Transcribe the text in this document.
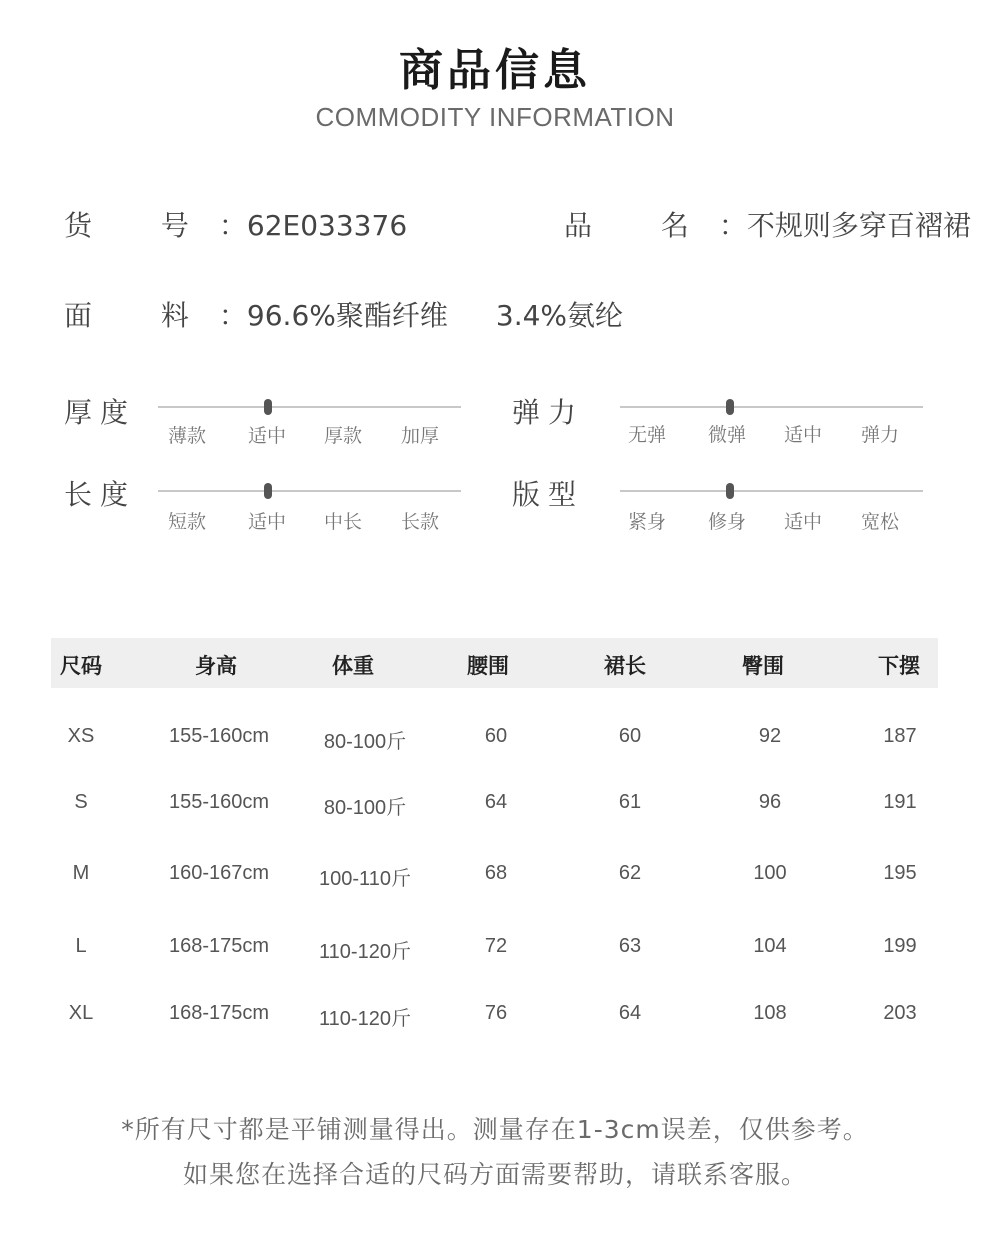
商品信息
COMMODITY INFORMATION
货 号：62E033376	品 名：不规则多穿百褶裙
面 料：96.6%聚酯纤维 3.4%氨纶
厚度
薄款 适中 厚款 加厚
弹力
无弹 微弹 适中 弹力
长度
短款 适中 中长 长款
版型
紧身 修身 适中 宽松
尺码	身高	体重	腰围	裙长	臀围	下摆
XS	155-160cm	80-100斤	60	60	92	187
S	155-160cm	80-100斤	64	61	96	191
M	160-167cm	100-110斤	68	62	100	195
L	168-175cm	110-120斤	72	63	104	199
XL	168-175cm	110-120斤	76	64	108	203
*所有尺寸都是平铺测量得出。测量存在1-3cm误差，仅供参考。
如果您在选择合适的尺码方面需要帮助，请联系客服。
